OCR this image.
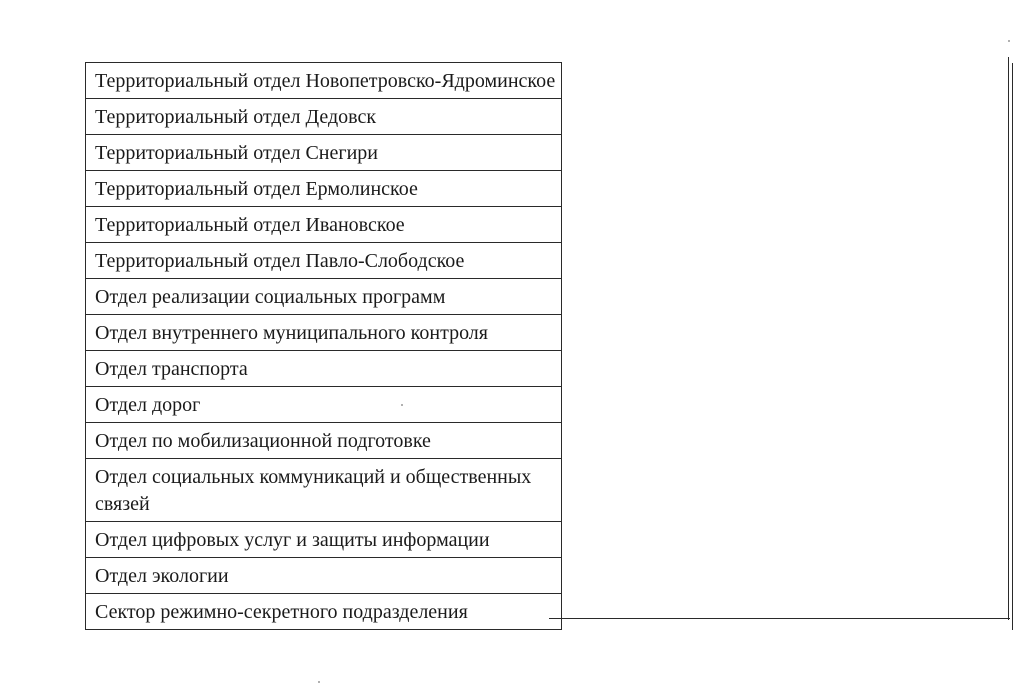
Территориальный отдел Новопетровско-Ядроминское	
Территориальный отдел Дедовск
Территориальный отдел Снегири
Территориальный отдел Ермолинское
Территориальный отдел Ивановское
Территориальный отдел Павло-Слободское
Отдел реализации социальных программ
Отдел внутреннего муниципального контроля
Отдел транспорта
Отдел дорог
Отдел по мобилизационной подготовке
Отдел социальных коммуникаций и общественных связей
Отдел цифровых услуг и защиты информации
Отдел экологии
Сектор режимно-секретного подразделения
